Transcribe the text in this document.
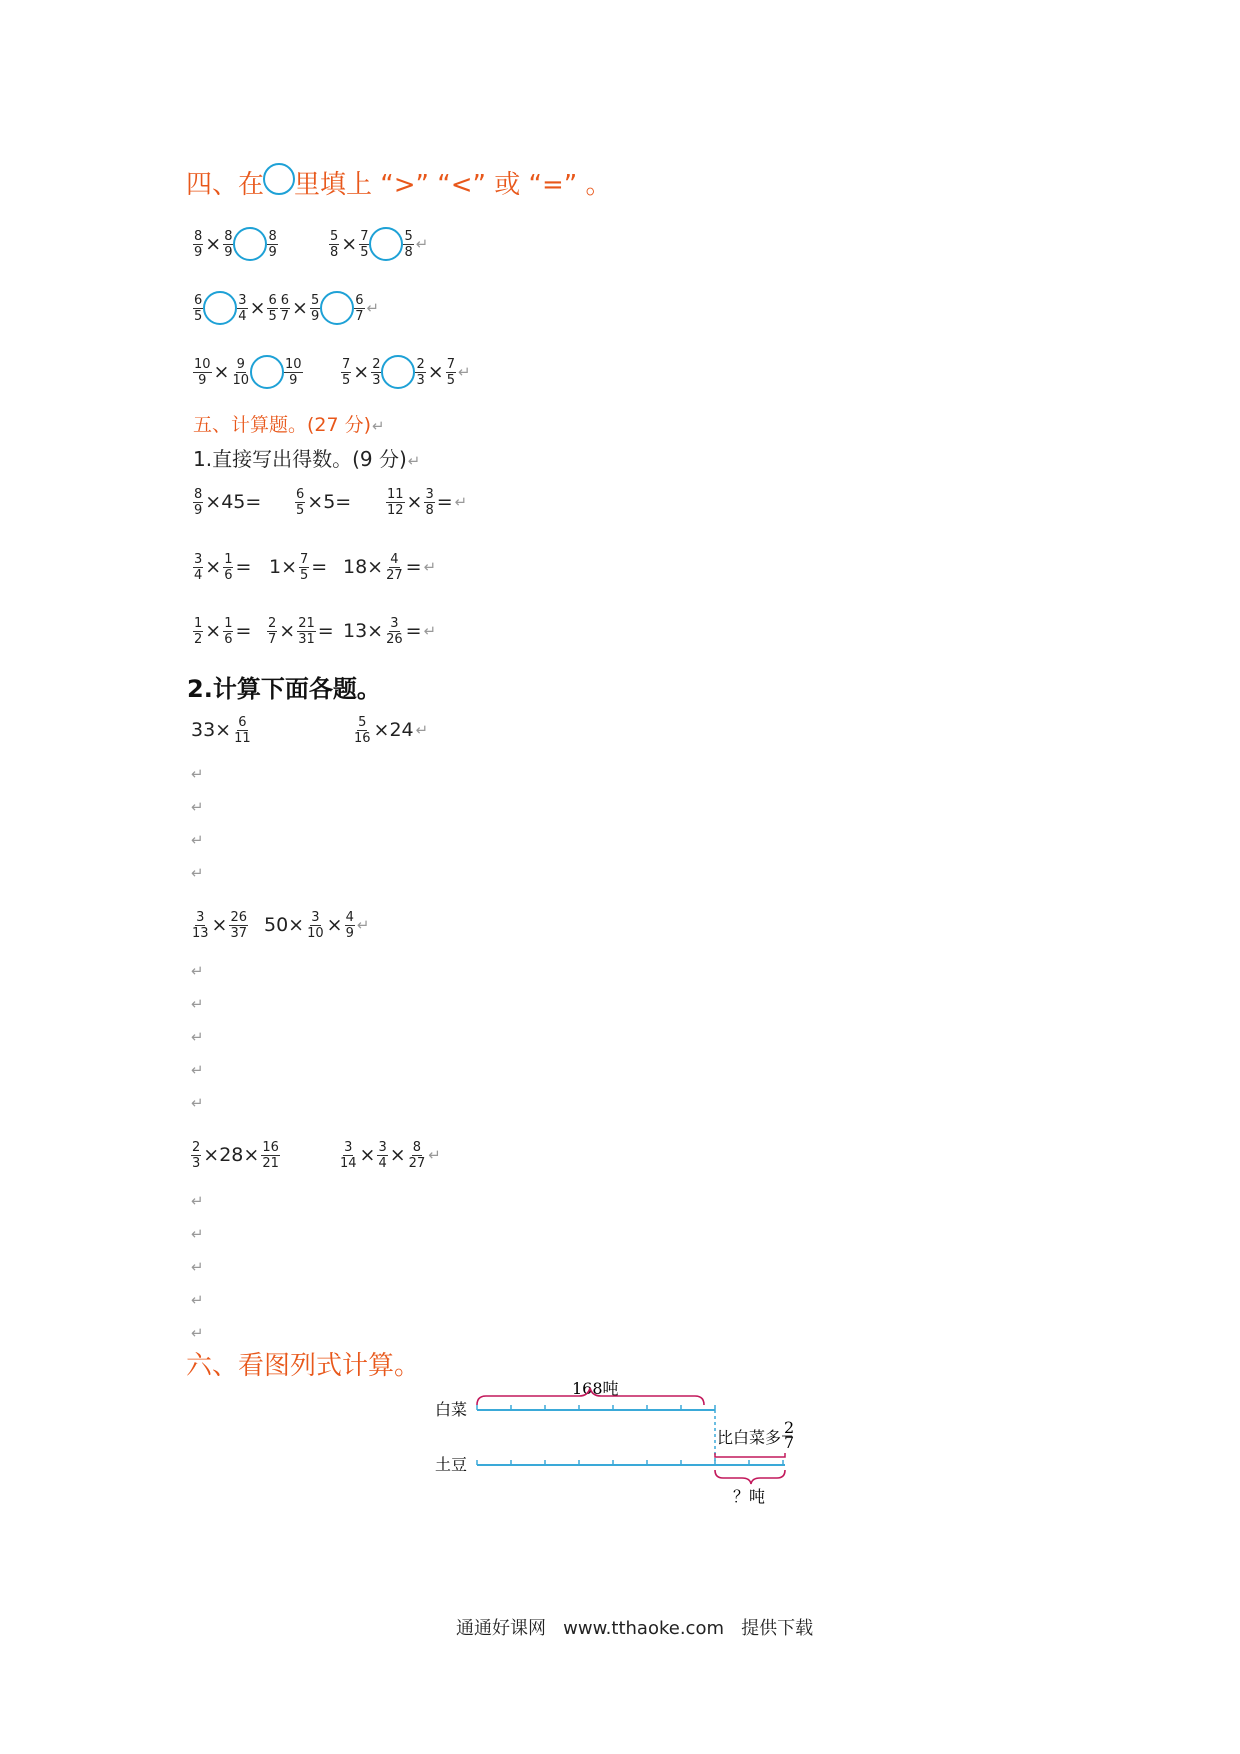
四、在 里填上 “>” “<” 或 “=” 。
$\frac{8}{9} \times \frac{8}{9}$	$\frac{8}{9}$	$\frac{5}{8} \times \frac{7}{5}$	$\frac{5}{8}$ ↵
$\frac{6}{5}$	$\frac{3}{4} \times \frac{6}{5} \frac{6}{7} \times \frac{5}{9}$	$\frac{6}{7}$ ↵
$\frac{10}{9} \times \frac{9}{10}$	$\frac{10}{9}$	$\frac{7}{5} \times \frac{2}{3}$	$\frac{2}{3} \times \frac{7}{5}$ ↵
五、计算题。(27 分)↵
1.直接写出得数。(9 分)↵
$\frac{8}{9} \times 45=$	$\frac{6}{5} \times 5=$	$\frac{11}{12} \times \frac{3}{8}$ = ↵
$\frac{3}{4} \times \frac{1}{6} = 1\times \frac{7}{5} = 18\times \frac{4}{27}$ = ↵
$\frac{1}{2} \times \frac{1}{6} = \frac{2}{7} \times \frac{21}{31} = 13\times \frac{3}{26}$ = ↵
2.计算下面各题。
$33\times \frac{6}{11}$	$\frac{5}{16} \times 24$ ↵
↵
↵
↵
↵
$\frac{3}{13} \times \frac{26}{37} 50\times \frac{3}{10} \times \frac{4}{9}$ ↵
↵
↵
↵
↵
↵
$\frac{2}{3} \times 28\times \frac{16}{21}$	$\frac{3}{14} \times \frac{3}{4} \times \frac{8}{27}$ ↵
↵
↵
↵
↵
↵
六、看图列式计算。
白菜
土豆
168吨
比白菜多
2
7
？吨
通通好课网 www.tthaoke.com 提供下载
